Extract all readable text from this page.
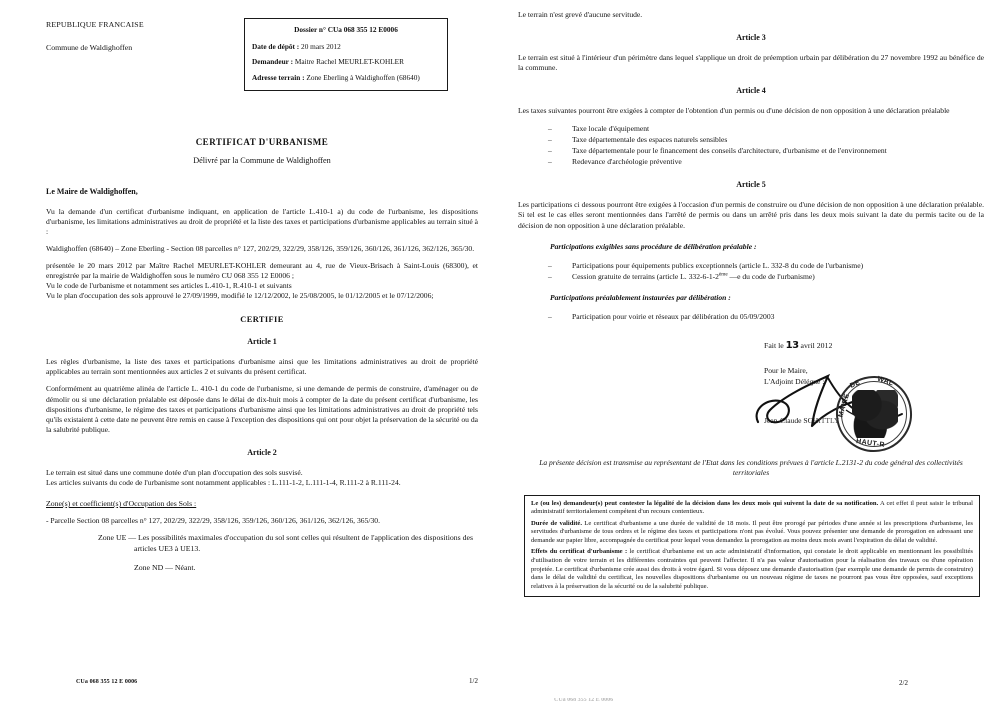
REPUBLIQUE FRANCAISE
Commune de Waldighoffen
Dossier n° CUa 068 355 12 E0006
Date de dépôt : 20 mars 2012
Demandeur : Maitre Rachel MEURLET-KOHLER
Adresse terrain : Zone Eberling à Waldighoffen (68640)
CERTIFICAT D'URBANISME
Délivré par la Commune de Waldighoffen
Le Maire de Waldighoffen,

Vu la demande d'un certificat d'urbanisme indiquant, en application de l'article L.410-1 a) du code de l'urbanisme, les dispositions d'urbanisme, les limitations administratives au droit de propriété et la liste des taxes et participations d'urbanisme applicables au terrain situé à :

Waldighoffen (68640) – Zone Eberling - Section 08 parcelles n° 127, 202/29, 322/29, 358/126, 359/126, 360/126, 361/126, 362/126, 365/30.

présentée le 20 mars 2012 par Maître Rachel MEURLET-KOHLER demeurant au 4, rue de Vieux-Brisach à Saint-Louis (68300), et enregistrée par la mairie de Waldighoffen sous le numéro CU 068 355 12 E0006 ;

Vu le code de l'urbanisme et notamment ses articles L.410-1, R.410-1 et suivants

Vu le plan d'occupation des sols approuvé le 27/09/1999, modifié le 12/12/2002, le 25/08/2005, le 01/12/2005 et le 07/12/2006;

CERTIFIE
Article 1

Les règles d'urbanisme, la liste des taxes et participations d'urbanisme ainsi que les limitations administratives au droit de propriété applicables au terrain sont mentionnées aux articles 2 et suivants du présent certificat.

Conformément au quatrième alinéa de l'article L. 410-1 du code de l'urbanisme, si une demande de permis de construire, d'aménager ou de démolir ou si une déclaration préalable est déposée dans le délai de dix-huit mois à compter de la date du présent certificat d'urbanisme, les dispositions d'urbanisme, le régime des taxes et participations d'urbanisme ainsi que les limitations administratives au droit de propriété tels qu'ils existaient à cette date ne peuvent être remis en cause à l'exception des dispositions qui ont pour objet la préservation de la sécurité ou da la salubrité publique.

Article 2

Le terrain est situé dans une commune dotée d'un plan d'occupation des sols susvisé.

Les articles suivants du code de l'urbanisme sont notamment applicables : L.111-1-2, L.111-1-4, R.111-2 à R.111-24.

Zone(s) et coefficient(s) d'Occupation des Sols :
- Parcelle Section 08 parcelles n° 127, 202/29, 322/29, 358/126, 359/126, 360/126, 361/126, 362/126, 365/30.
Zone UE — Les possibilités maximales d'occupation du sol sont celles qui résultent de l'application des dispositions des articles UE3 à UE13.
Zone ND — Néant.
CUa 068 355 12 E 0006	1/2

Le terrain n'est grevé d'aucune servitude.

Article 3

Le terrain est situé à l'intérieur d'un périmètre dans lequel s'applique un droit de préemption urbain par délibération du 27 novembre 1992 au bénéfice de la commune.

Article 4

Les taxes suivantes pourront être exigées à compter de l'obtention d'un permis ou d'une décision de non opposition à une déclaration préalable

– Taxe locale d'équipement
– Taxe départementale des espaces naturels sensibles
– Taxe départementale pour le financement des conseils d'architecture, d'urbanisme et de l'environnement
– Redevance d'archéologie préventive
Article 5

Les participations ci dessous pourront être exigées à l'occasion d'un permis de construire ou d'une décision de non opposition à une déclaration préalable. Si tel est le cas elles seront mentionnées dans l'arrêté de permis ou dans un arrêté pris dans les deux mois suivant la date du permis tacite ou de la décision de non opposition à une déclaration préalable.

Participations exigibles sans procédure de délibération préalable :
– Participations pour équipements publics exceptionnels (article L. 332-8 du code de l'urbanisme)
– Cession gratuite de terrains (article L. 332-6-1-2ème —e du code de l'urbanisme)
Participations préalablement instaurées par délibération :
– Participation pour voirie et réseaux par délibération du 05/09/2003
Fait le 13 avril 2012
Pour le Maire,
L'Adjoint Délégué :
MAIRE
DE WAL
HAUT-R
Jean-Claude SCHITTLY
La présente décision est transmise au représentant de l'Etat dans les conditions prévues à l'article L.2131-2 du code général des collectivités territoriales

Le (ou les) demandeur(s) peut contester la légalité de la décision dans les deux mois qui suivent la date de sa notification. A cet effet il peut saisir le tribunal administratif territorialement compétent d'un recours contentieux.

Durée de validité. Le certificat d'urbanisme a une durée de validité de 18 mois. Il peut être prorogé par périodes d'une année si les prescriptions d'urbanisme, les servitudes d'urbanisme de tous ordres et le régime des taxes et participations n'ont pas évolué. Vous pouvez présenter une demande de prorogation en adressant une demande sur papier libre, accompagnée du certificat pour lequel vous demandez la prorogation au moins deux mois avant l'expiration du délai de validité.

Effets du certificat d'urbanisme : le certificat d'urbanisme est un acte administratif d'information, qui constate le droit applicable en mentionnant les possibilités d'utilisation de votre terrain et les différentes contraintes qui peuvent l'affecter. Il n'a pas valeur d'autorisation pour la réalisation des travaux ou d'une opération projetée. Le certificat d'urbanisme crée aussi des droits à votre égard. Si vous déposez une demande d'autorisation (par exemple une demande de permis de construire) dans le délai de validité du certificat, les nouvelles dispositions d'urbanisme ou un nouveau régime de taxes ne pourront pas vous être opposées, sauf exceptions relatives à la préservation de la sécurité ou de la salubrité publique.

CUa 068 355 12 E 0006
2/2
